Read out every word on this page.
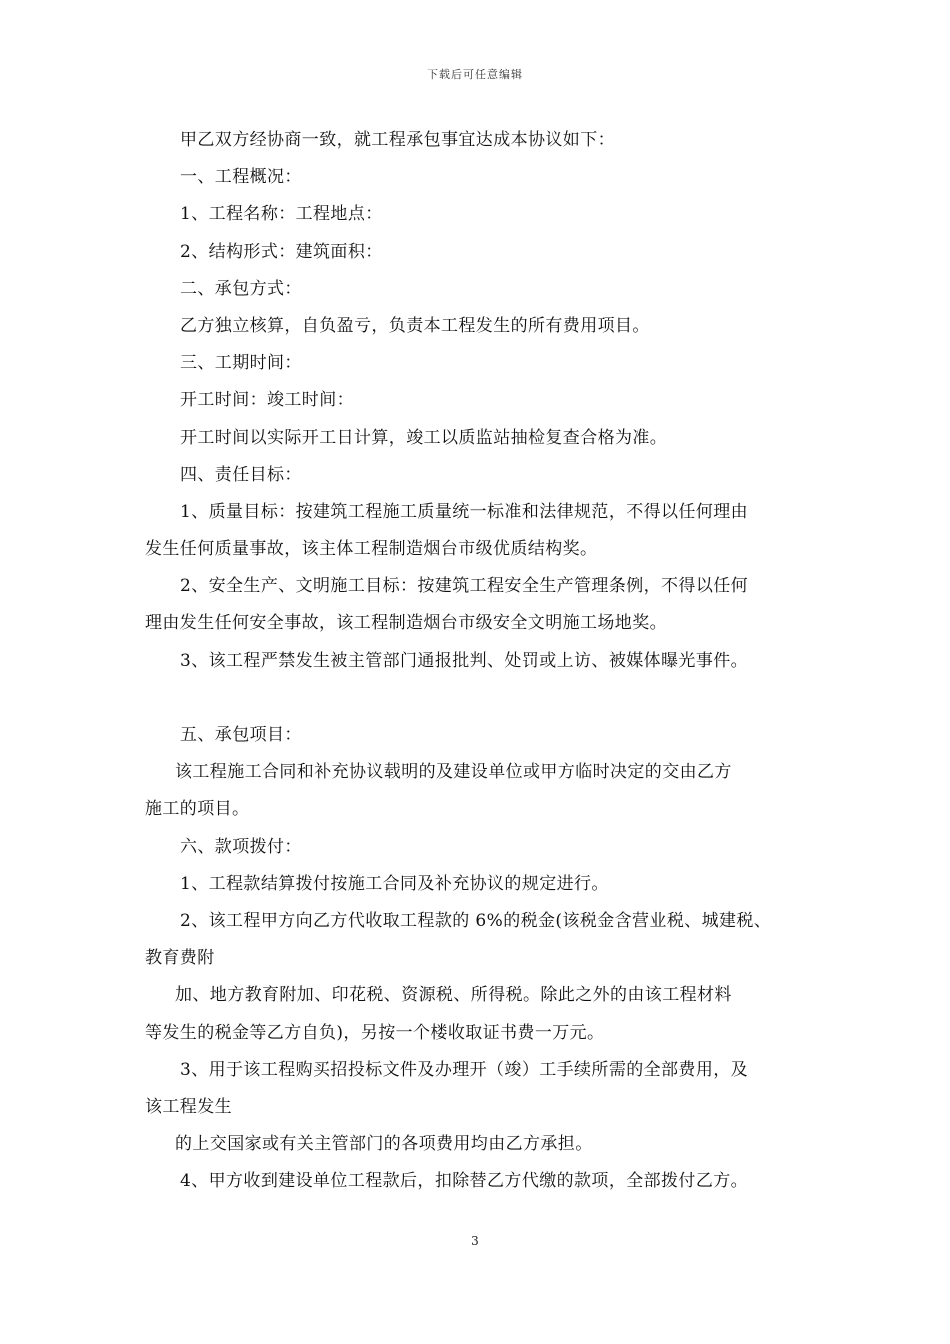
下载后可任意编辑
甲乙双方经协商一致，就工程承包事宜达成本协议如下：
一、工程概况：
1、工程名称：工程地点：
2、结构形式：建筑面积：
二、承包方式：
乙方独立核算，自负盈亏，负责本工程发生的所有费用项目。
三、工期时间：
开工时间：竣工时间：
开工时间以实际开工日计算，竣工以质监站抽检复查合格为准。
四、责任目标：
1、质量目标：按建筑工程施工质量统一标准和法律规范，不得以任何理由
发生任何质量事故，该主体工程制造烟台市级优质结构奖。
2、安全生产、文明施工目标：按建筑工程安全生产管理条例，不得以任何
理由发生任何安全事故，该工程制造烟台市级安全文明施工场地奖。
3、该工程严禁发生被主管部门通报批判、处罚或上访、被媒体曝光事件。
五、承包项目：
该工程施工合同和补充协议载明的及建设单位或甲方临时决定的交由乙方
施工的项目。
六、款项拨付：
1、工程款结算拨付按施工合同及补充协议的规定进行。
2、该工程甲方向乙方代收取工程款的 6%的税金(该税金含营业税、城建税、
教育费附
加、地方教育附加、印花税、资源税、所得税。除此之外的由该工程材料
等发生的税金等乙方自负)，另按一个楼收取证书费一万元。
3、用于该工程购买招投标文件及办理开（竣）工手续所需的全部费用，及
该工程发生
的上交国家或有关主管部门的各项费用均由乙方承担。
4、甲方收到建设单位工程款后，扣除替乙方代缴的款项，全部拨付乙方。
3
